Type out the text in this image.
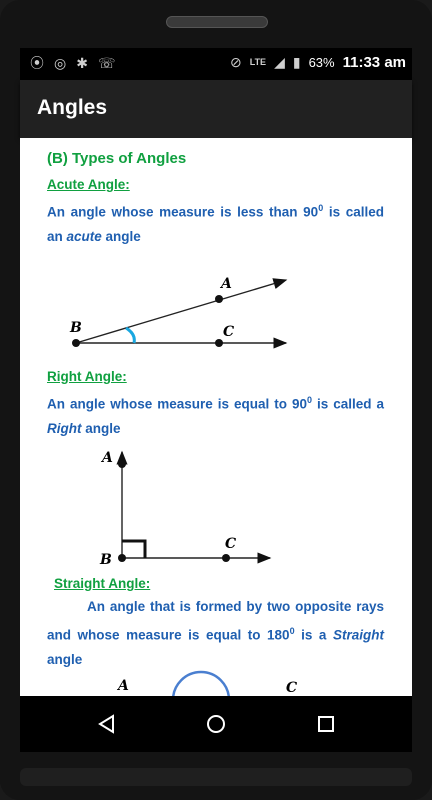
⦿ ◎ ✱ ☏	⊘ LTE ◢ ▮ 63% 11:33 am
Angles
(B) Types of Angles
Acute Angle:
An angle whose measure is less than $90^0$ is called an acute angle
B
A
C
Right Angle:
An angle whose measure is equal to $90^0$ is called a Right angle
A
B
C
Straight Angle:
An angle that is formed by two opposite rays and whose measure is equal to $180^0$ is a Straight angle
A	C
